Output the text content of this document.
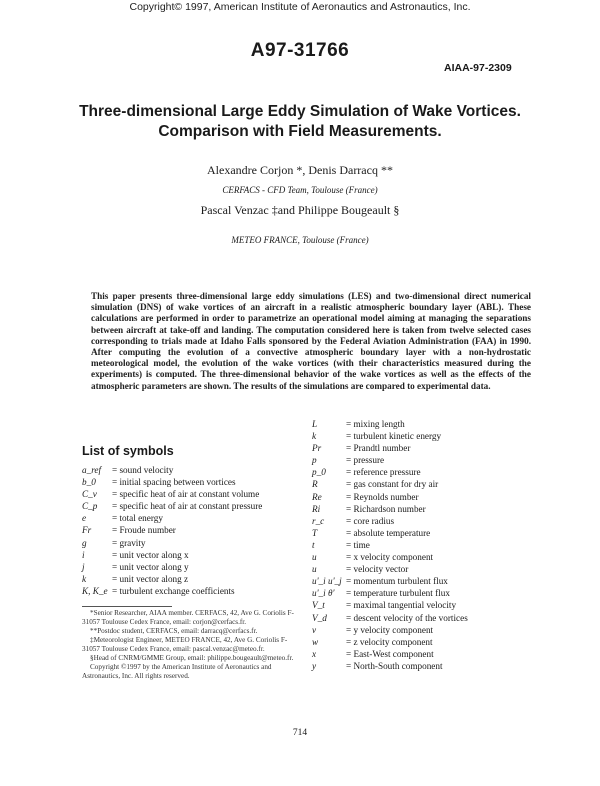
Copyright© 1997, American Institute of Aeronautics and Astronautics, Inc.
A97-31766
AIAA-97-2309
Three-dimensional Large Eddy Simulation of Wake Vortices.
Comparison with Field Measurements.
Alexandre Corjon *, Denis Darracq **
CERFACS - CFD Team, Toulouse (France)
Pascal Venzac ‡and Philippe Bougeault §
METEO FRANCE, Toulouse (France)
This paper presents three-dimensional large eddy simulations (LES) and two-dimensional direct numerical simulation (DNS) of wake vortices of an aircraft in a realistic atmospheric boundary layer (ABL). These calculations are performed in order to parametrize an operational model aiming at managing the separations between aircraft at take-off and landing. The computation considered here is taken from twelve selected cases corresponding to trials made at Idaho Falls sponsored by the Federal Aviation Administration (FAA) in 1990. After computing the evolution of a convective atmospheric boundary layer with a non-hydrostatic meteorological model, the evolution of the wake vortices (with their characteristics measured during the experiments) is computed. The three-dimensional behavior of the wake vortices as well as the effects of the atmospheric parameters are shown. The results of the simulations are compared to experimental data.
List of symbols
a_ref	= sound velocity
b_0	= initial spacing between vortices
C_v	= specific heat of air at constant volume
C_p	= specific heat of air at constant pressure
e	= total energy
Fr	= Froude number
g	= gravity
i	= unit vector along x
j	= unit vector along y
k	= unit vector along z
K, K_e = turbulent exchange coefficients
L	= mixing length
k	= turbulent kinetic energy
Pr	= Prandtl number
p	= pressure
p_0	= reference pressure
R	= gas constant for dry air
Re	= Reynolds number
Ri	= Richardson number
r_c	= core radius
T	= absolute temperature
t	= time
u	= x velocity component
u	= velocity vector
u'_i u'_j = momentum turbulent flux
u'_i θ'	= temperature turbulent flux
V_t	= maximal tangential velocity
V_d	= descent velocity of the vortices
v	= y velocity component
w	= z velocity component
x	= East-West component
y	= North-South component

*Senior Researcher, AIAA member. CERFACS, 42, Ave G. Coriolis F-31057 Toulouse Cedex France, email: corjon@cerfacs.fr.

**Postdoc student, CERFACS, email: darracq@cerfacs.fr.

‡Meteorologist Engineer, METEO FRANCE, 42, Ave G. Coriolis F-31057 Toulouse Cedex France, email: pascal.venzac@meteo.fr.

§Head of CNRM/GMME Group, email: philippe.bougeault@meteo.fr.

Copyright ©1997 by the American Institute of Aeronautics and Astronautics, Inc. All rights reserved.

714
